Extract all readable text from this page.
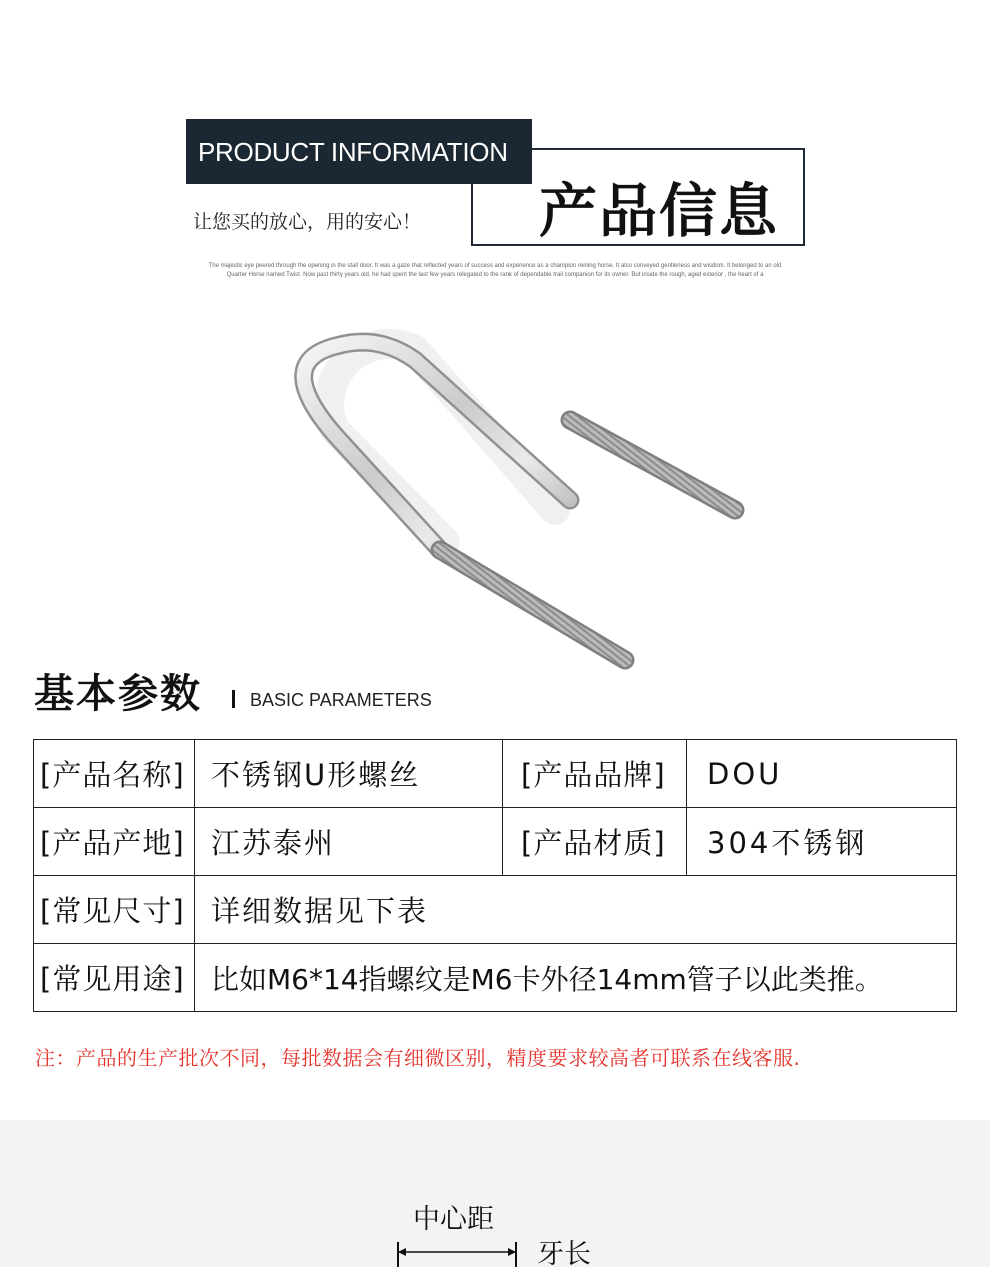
产品信息
PRODUCT INFORMATION
让您买的放心，用的安心！
The majestic eye peered through the opening in the stall door. It was a gaze that reflected years of success and experience as a champion reining horse. It also conveyed gentleness and wisdom. It belonged to an old Quarter Horse named Twist. Now past thirty years old, he had spent the last few years relegated to the rank of dependable trail companion for its owner. But inside the rough, aged exterior , the heart of a
基本参数	BASIC PARAMETERS
[产品名称]	不锈钢U形螺丝	[产品品牌]	DOU
[产品产地]	江苏泰州	[产品材质]	304不锈钢
[常见尺寸]	详细数据见下表		
[常见用途]	比如M6*14指螺纹是M6卡外径14mm管子以此类推。		
注：产品的生产批次不同，每批数据会有细微区别，精度要求较高者可联系在线客服.
中心距
牙长
